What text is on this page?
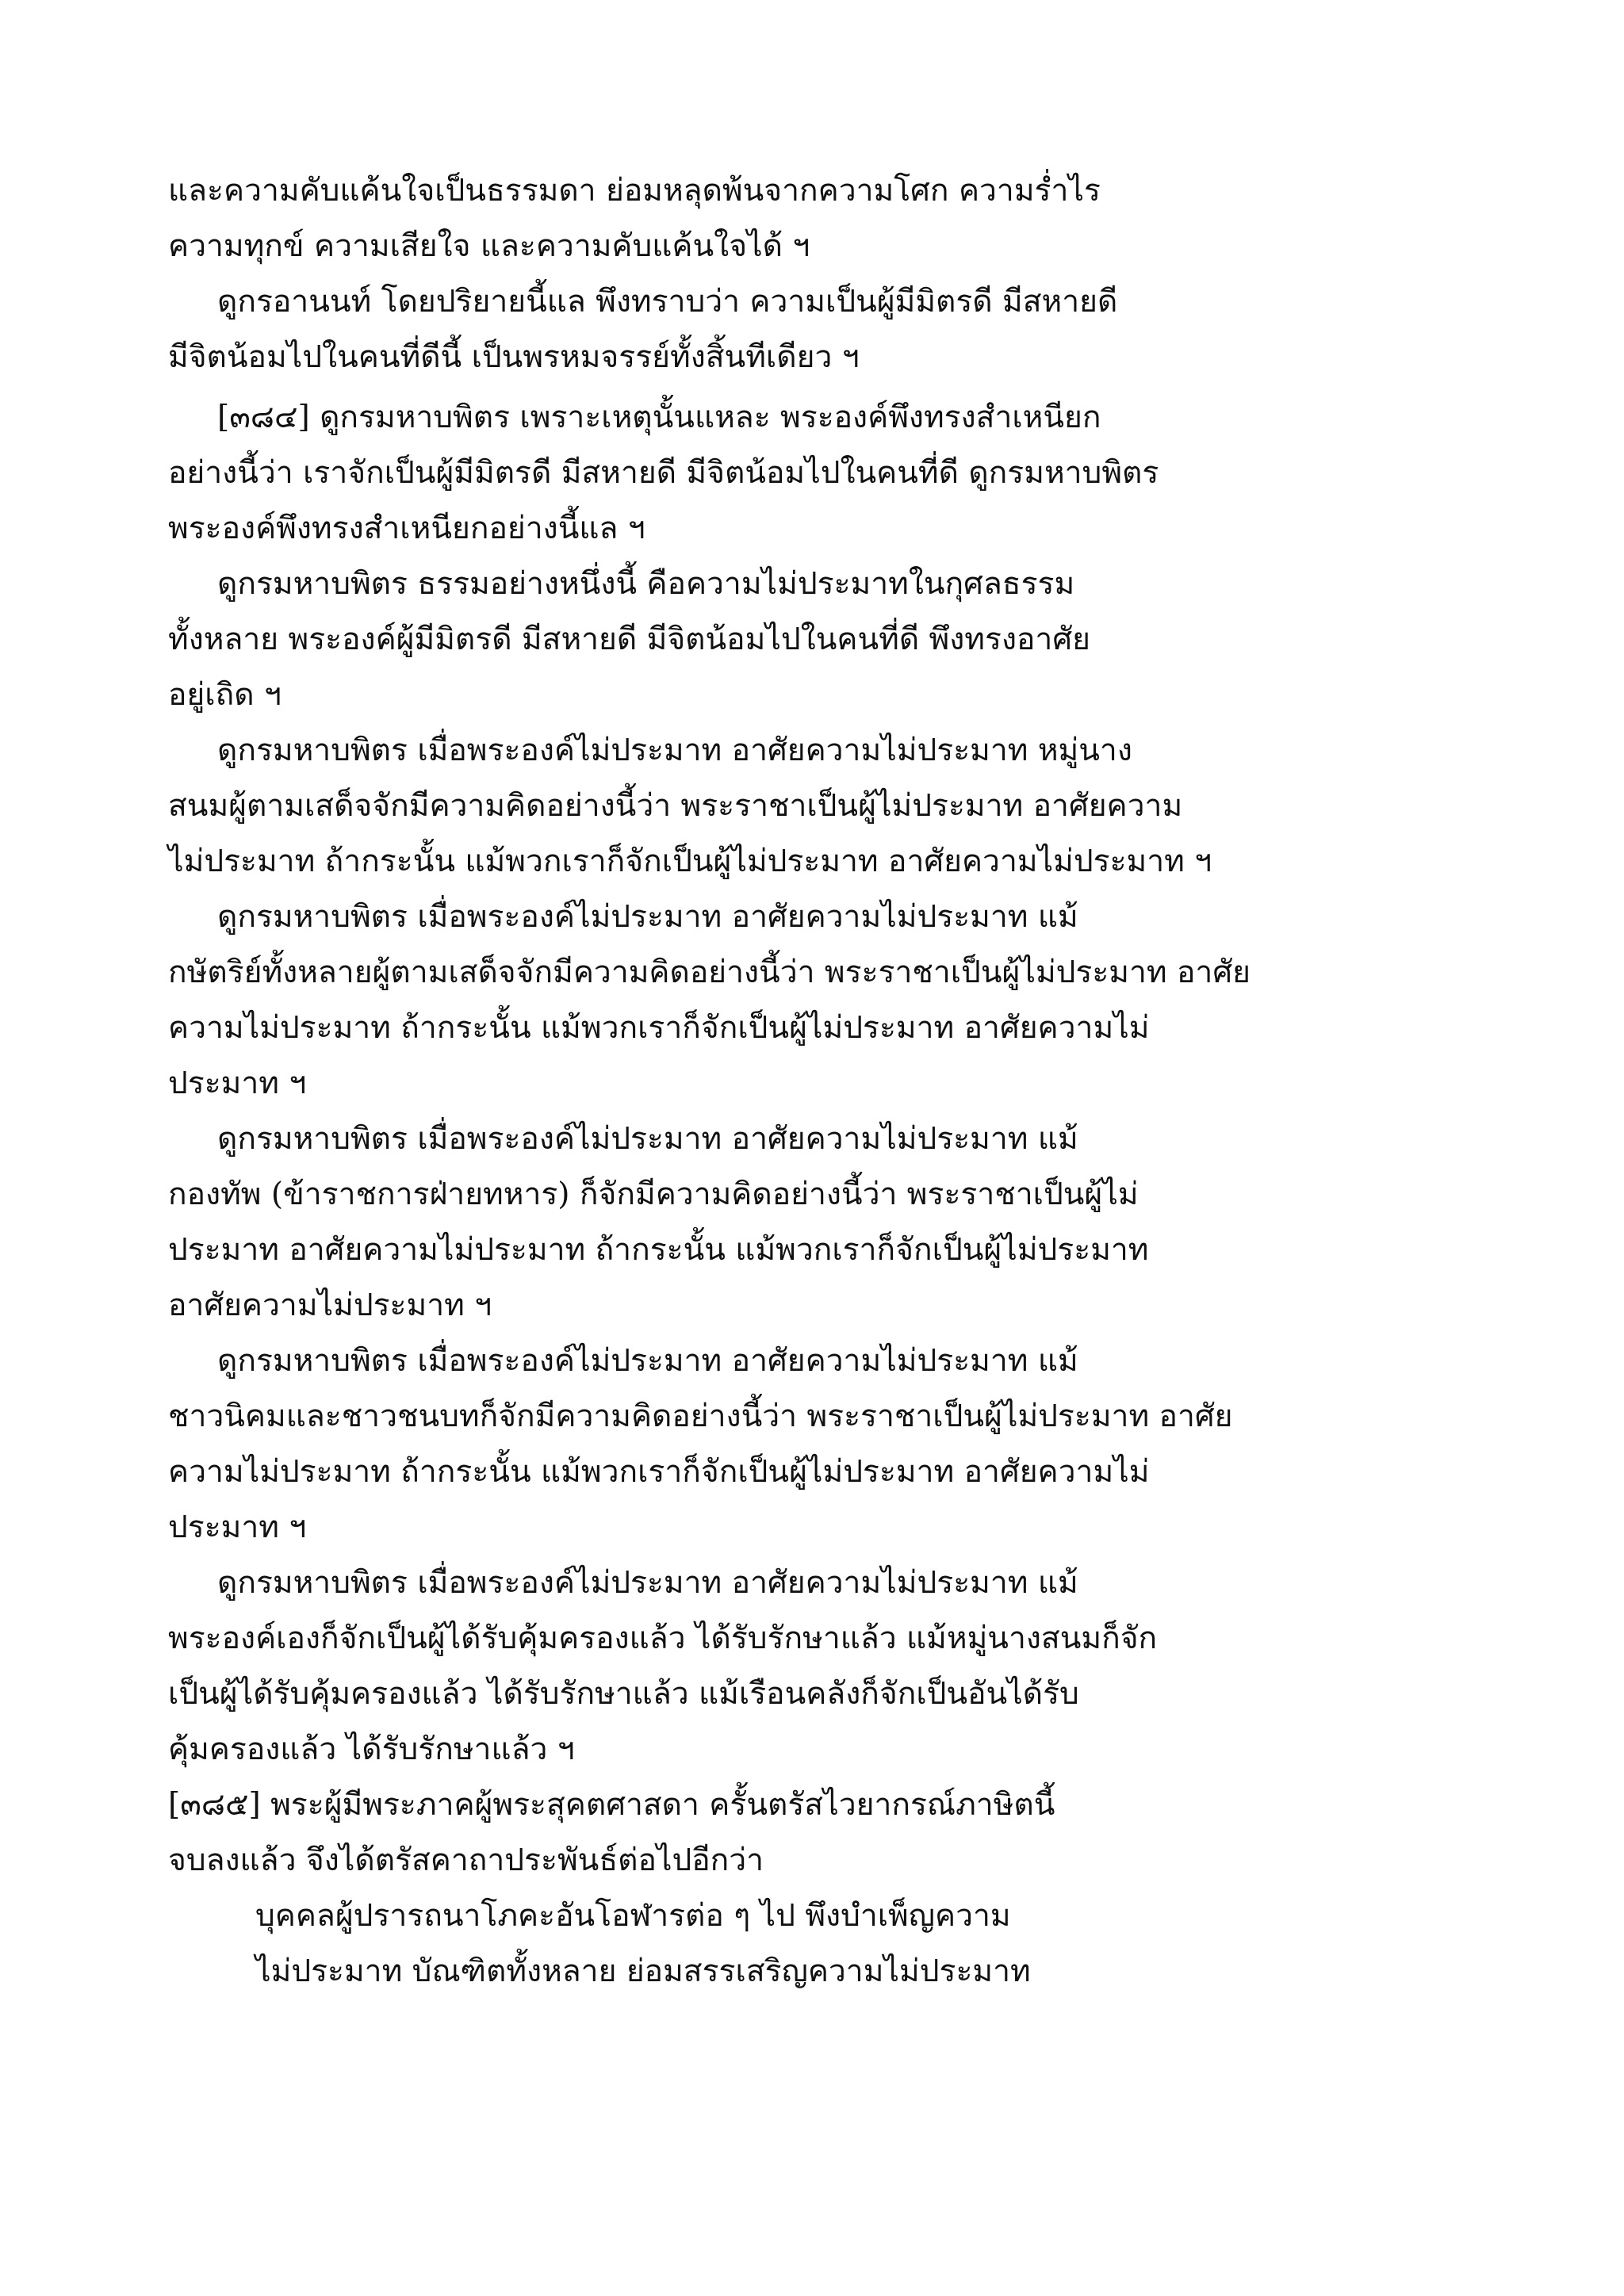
และความคับแค้นใจเป็นธรรมดา ย่อมหลุดพ้นจากความโศก ความร่ำไร
ความทุกข์ ความเสียใจ และความคับแค้นใจได้ ฯ
ดูกรอานนท์ โดยปริยายนี้แล พึงทราบว่า ความเป็นผู้มีมิตรดี มีสหายดี
มีจิตน้อมไปในคนที่ดีนี้ เป็นพรหมจรรย์ทั้งสิ้นทีเดียว ฯ
[๓๘๔] ดูกรมหาบพิตร เพราะเหตุนั้นแหละ พระองค์พึงทรงสำเหนียก
อย่างนี้ว่า เราจักเป็นผู้มีมิตรดี มีสหายดี มีจิตน้อมไปในคนที่ดี ดูกรมหาบพิตร
พระองค์พึงทรงสำเหนียกอย่างนี้แล ฯ
ดูกรมหาบพิตร ธรรมอย่างหนึ่งนี้ คือความไม่ประมาทในกุศลธรรม
ทั้งหลาย พระองค์ผู้มีมิตรดี มีสหายดี มีจิตน้อมไปในคนที่ดี พึงทรงอาศัย
อยู่เถิด ฯ
ดูกรมหาบพิตร เมื่อพระองค์ไม่ประมาท อาศัยความไม่ประมาท หมู่นาง
สนมผู้ตามเสด็จจักมีความคิดอย่างนี้ว่า พระราชาเป็นผู้ไม่ประมาท อาศัยความ
ไม่ประมาท ถ้ากระนั้น แม้พวกเราก็จักเป็นผู้ไม่ประมาท อาศัยความไม่ประมาท ฯ
ดูกรมหาบพิตร เมื่อพระองค์ไม่ประมาท อาศัยความไม่ประมาท แม้
กษัตริย์ทั้งหลายผู้ตามเสด็จจักมีความคิดอย่างนี้ว่า พระราชาเป็นผู้ไม่ประมาท อาศัย
ความไม่ประมาท ถ้ากระนั้น แม้พวกเราก็จักเป็นผู้ไม่ประมาท อาศัยความไม่
ประมาท ฯ
ดูกรมหาบพิตร เมื่อพระองค์ไม่ประมาท อาศัยความไม่ประมาท แม้
กองทัพ (ข้าราชการฝ่ายทหาร) ก็จักมีความคิดอย่างนี้ว่า พระราชาเป็นผู้ไม่
ประมาท อาศัยความไม่ประมาท ถ้ากระนั้น แม้พวกเราก็จักเป็นผู้ไม่ประมาท
อาศัยความไม่ประมาท ฯ
ดูกรมหาบพิตร เมื่อพระองค์ไม่ประมาท อาศัยความไม่ประมาท แม้
ชาวนิคมและชาวชนบทก็จักมีความคิดอย่างนี้ว่า พระราชาเป็นผู้ไม่ประมาท อาศัย
ความไม่ประมาท ถ้ากระนั้น แม้พวกเราก็จักเป็นผู้ไม่ประมาท อาศัยความไม่
ประมาท ฯ
ดูกรมหาบพิตร เมื่อพระองค์ไม่ประมาท อาศัยความไม่ประมาท แม้
พระองค์เองก็จักเป็นผู้ได้รับคุ้มครองแล้ว ได้รับรักษาแล้ว แม้หมู่นางสนมก็จัก
เป็นผู้ได้รับคุ้มครองแล้ว ได้รับรักษาแล้ว แม้เรือนคลังก็จักเป็นอันได้รับ
คุ้มครองแล้ว ได้รับรักษาแล้ว ฯ
[๓๘๕] พระผู้มีพระภาคผู้พระสุคตศาสดา ครั้นตรัสไวยากรณ์ภาษิตนี้
จบลงแล้ว จึงได้ตรัสคาถาประพันธ์ต่อไปอีกว่า
บุคคลผู้ปรารถนาโภคะอันโอฬารต่อ ๆ ไป พึงบำเพ็ญความ
ไม่ประมาท บัณฑิตทั้งหลาย ย่อมสรรเสริญความไม่ประมาท
